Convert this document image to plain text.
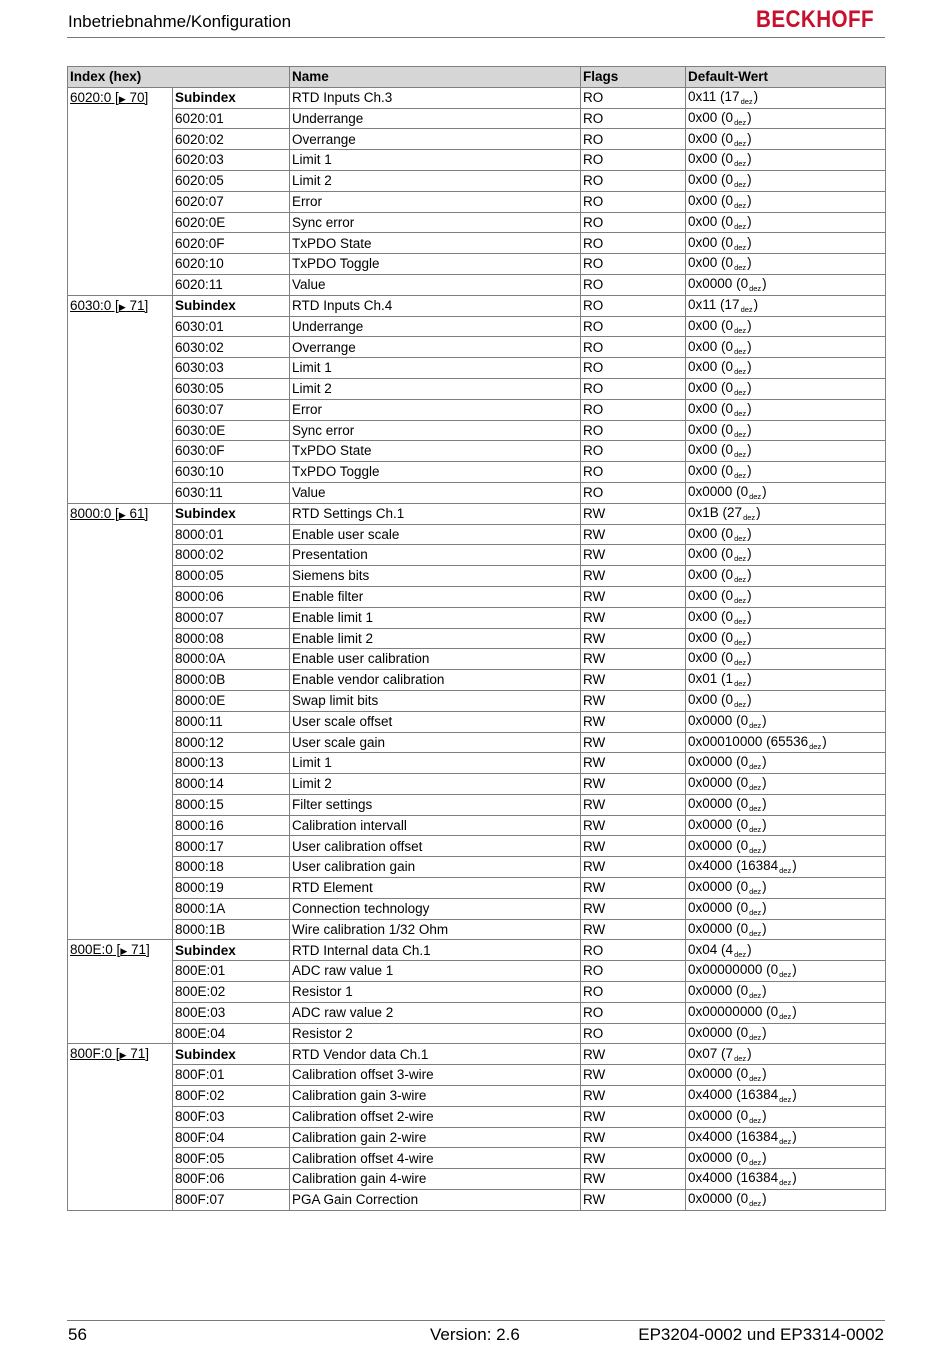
Inbetriebnahme/Konfiguration	BECKHOFF
Index (hex)		Name	Flags	Default-Wert
6020:0 [▶ 70]	Subindex	RTD Inputs Ch.3	RO	0x11 $(17_{dez})$
	6020:01	Underrange	RO	0x00 $(0_{dez})$
	6020:02	Overrange	RO	0x00 $(0_{dez})$
	6020:03	Limit 1	RO	0x00 $(0_{dez})$
	6020:05	Limit 2	RO	0x00 $(0_{dez})$
	6020:07	Error	RO	0x00 $(0_{dez})$
	6020:0E	Sync error	RO	0x00 $(0_{dez})$
	6020:0F	TxPDO State	RO	0x00 $(0_{dez})$
	6020:10	TxPDO Toggle	RO	0x00 $(0_{dez})$
	6020:11	Value	RO	0x0000 $(0_{dez})$
6030:0 [▶ 71]	Subindex	RTD Inputs Ch.4	RO	0x11 $(17_{dez})$
	6030:01	Underrange	RO	0x00 $(0_{dez})$
	6030:02	Overrange	RO	0x00 $(0_{dez})$
	6030:03	Limit 1	RO	0x00 $(0_{dez})$
	6030:05	Limit 2	RO	0x00 $(0_{dez})$
	6030:07	Error	RO	0x00 $(0_{dez})$
	6030:0E	Sync error	RO	0x00 $(0_{dez})$
	6030:0F	TxPDO State	RO	0x00 $(0_{dez})$
	6030:10	TxPDO Toggle	RO	0x00 $(0_{dez})$
	6030:11	Value	RO	0x0000 $(0_{dez})$
8000:0 [▶ 61]	Subindex	RTD Settings Ch.1	RW	0x1B $(27_{dez})$
	8000:01	Enable user scale	RW	0x00 $(0_{dez})$
	8000:02	Presentation	RW	0x00 $(0_{dez})$
	8000:05	Siemens bits	RW	0x00 $(0_{dez})$
	8000:06	Enable filter	RW	0x00 $(0_{dez})$
	8000:07	Enable limit 1	RW	0x00 $(0_{dez})$
	8000:08	Enable limit 2	RW	0x00 $(0_{dez})$
	8000:0A	Enable user calibration	RW	0x00 $(0_{dez})$
	8000:0B	Enable vendor calibration	RW	0x01 $(1_{dez})$
	8000:0E	Swap limit bits	RW	0x00 $(0_{dez})$
	8000:11	User scale offset	RW	0x0000 $(0_{dez})$
	8000:12	User scale gain	RW	0x00010000 $(65536_{dez})$
	8000:13	Limit 1	RW	0x0000 $(0_{dez})$
	8000:14	Limit 2	RW	0x0000 $(0_{dez})$
	8000:15	Filter settings	RW	0x0000 $(0_{dez})$
	8000:16	Calibration intervall	RW	0x0000 $(0_{dez})$
	8000:17	User calibration offset	RW	0x0000 $(0_{dez})$
	8000:18	User calibration gain	RW	0x4000 $(16384_{dez})$
	8000:19	RTD Element	RW	0x0000 $(0_{dez})$
	8000:1A	Connection technology	RW	0x0000 $(0_{dez})$
	8000:1B	Wire calibration 1/32 Ohm	RW	0x0000 $(0_{dez})$
800E:0 [▶ 71]	Subindex	RTD Internal data Ch.1	RO	0x04 $(4_{dez})$
	800E:01	ADC raw value 1	RO	0x00000000 $(0_{dez})$
	800E:02	Resistor 1	RO	0x0000 $(0_{dez})$
	800E:03	ADC raw value 2	RO	0x00000000 $(0_{dez})$
	800E:04	Resistor 2	RO	0x0000 $(0_{dez})$
800F:0 [▶ 71]	Subindex	RTD Vendor data Ch.1	RW	0x07 $(7_{dez})$
	800F:01	Calibration offset 3-wire	RW	0x0000 $(0_{dez})$
	800F:02	Calibration gain 3-wire	RW	0x4000 $(16384_{dez})$
	800F:03	Calibration offset 2-wire	RW	0x0000 $(0_{dez})$
	800F:04	Calibration gain 2-wire	RW	0x4000 $(16384_{dez})$
	800F:05	Calibration offset 4-wire	RW	0x0000 $(0_{dez})$
	800F:06	Calibration gain 4-wire	RW	0x4000 $(16384_{dez})$
	800F:07	PGA Gain Correction	RW	0x0000 $(0_{dez})$
56	Version: 2.6	EP3204-0002 und EP3314-0002
